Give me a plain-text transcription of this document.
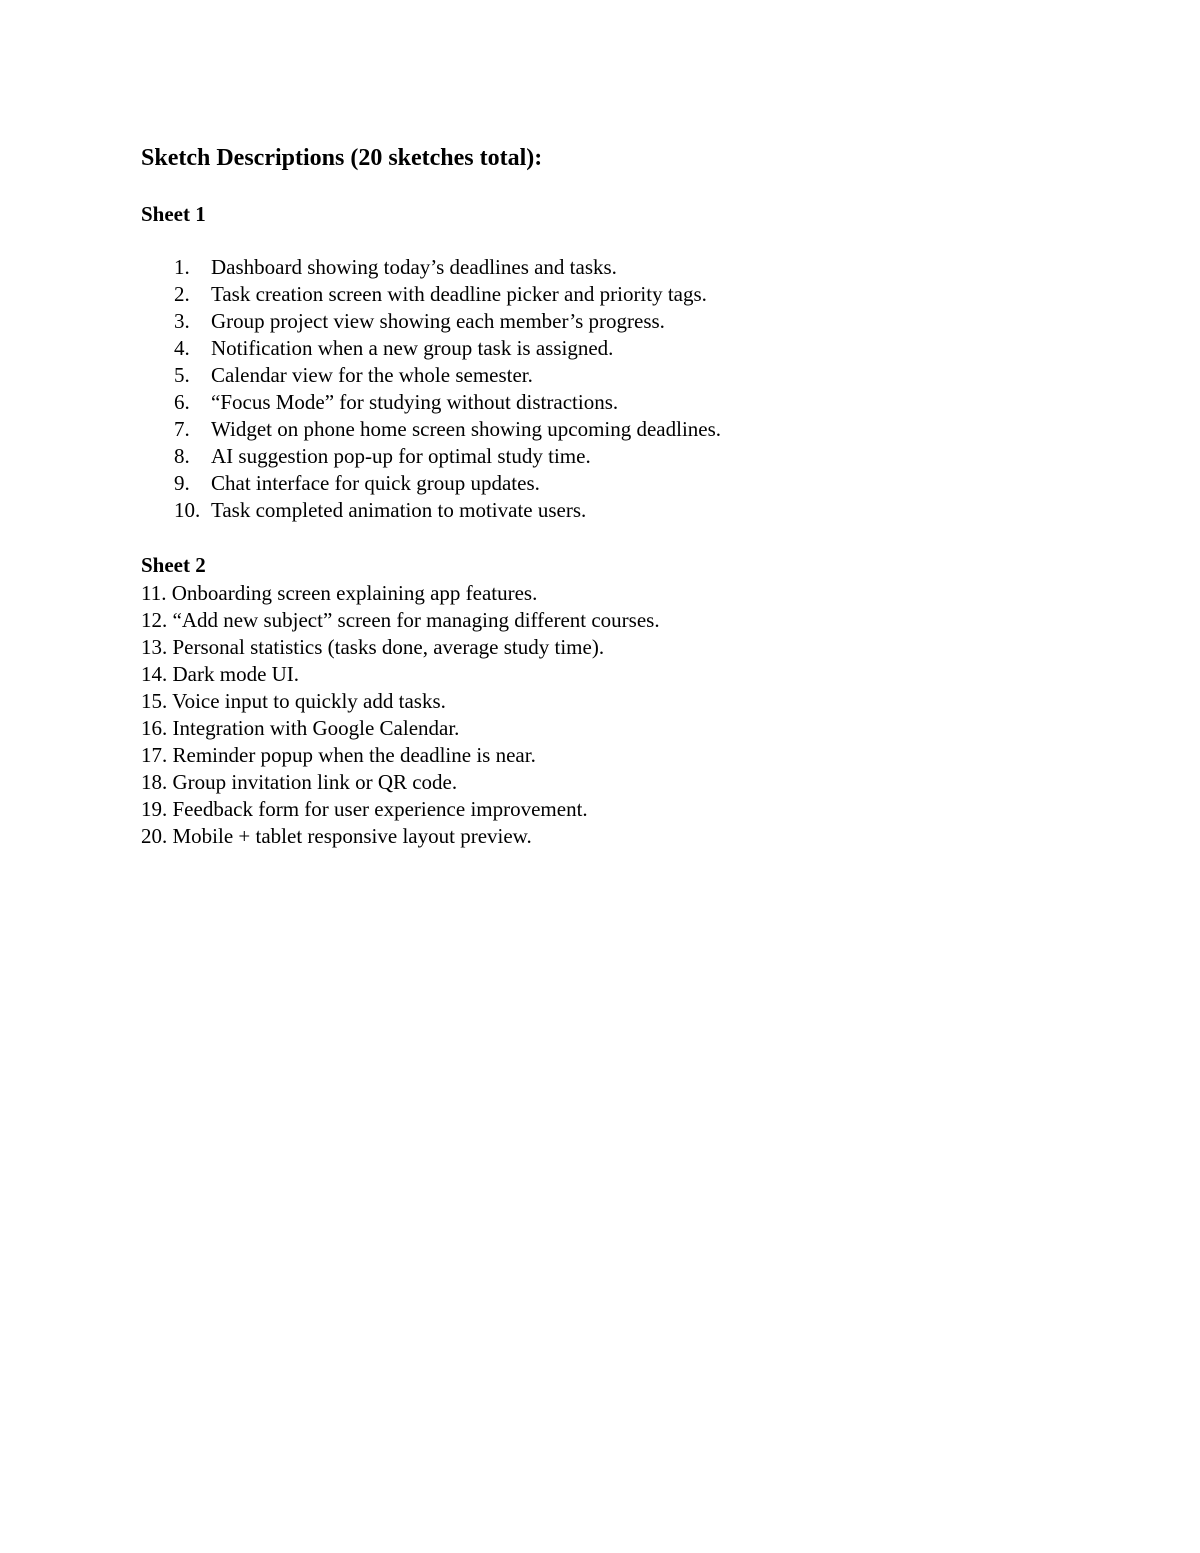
Sketch Descriptions (20 sketches total):
Sheet 1
1. Dashboard showing today’s deadlines and tasks.
2. Task creation screen with deadline picker and priority tags.
3. Group project view showing each member’s progress.
4. Notification when a new group task is assigned.
5. Calendar view for the whole semester.
6. “Focus Mode” for studying without distractions.
7. Widget on phone home screen showing upcoming deadlines.
8. AI suggestion pop-up for optimal study time.
9. Chat interface for quick group updates.
10. Task completed animation to motivate users.
Sheet 2
11. Onboarding screen explaining app features.
12. “Add new subject” screen for managing different courses.
13. Personal statistics (tasks done, average study time).
14. Dark mode UI.
15. Voice input to quickly add tasks.
16. Integration with Google Calendar.
17. Reminder popup when the deadline is near.
18. Group invitation link or QR code.
19. Feedback form for user experience improvement.
20. Mobile + tablet responsive layout preview.
